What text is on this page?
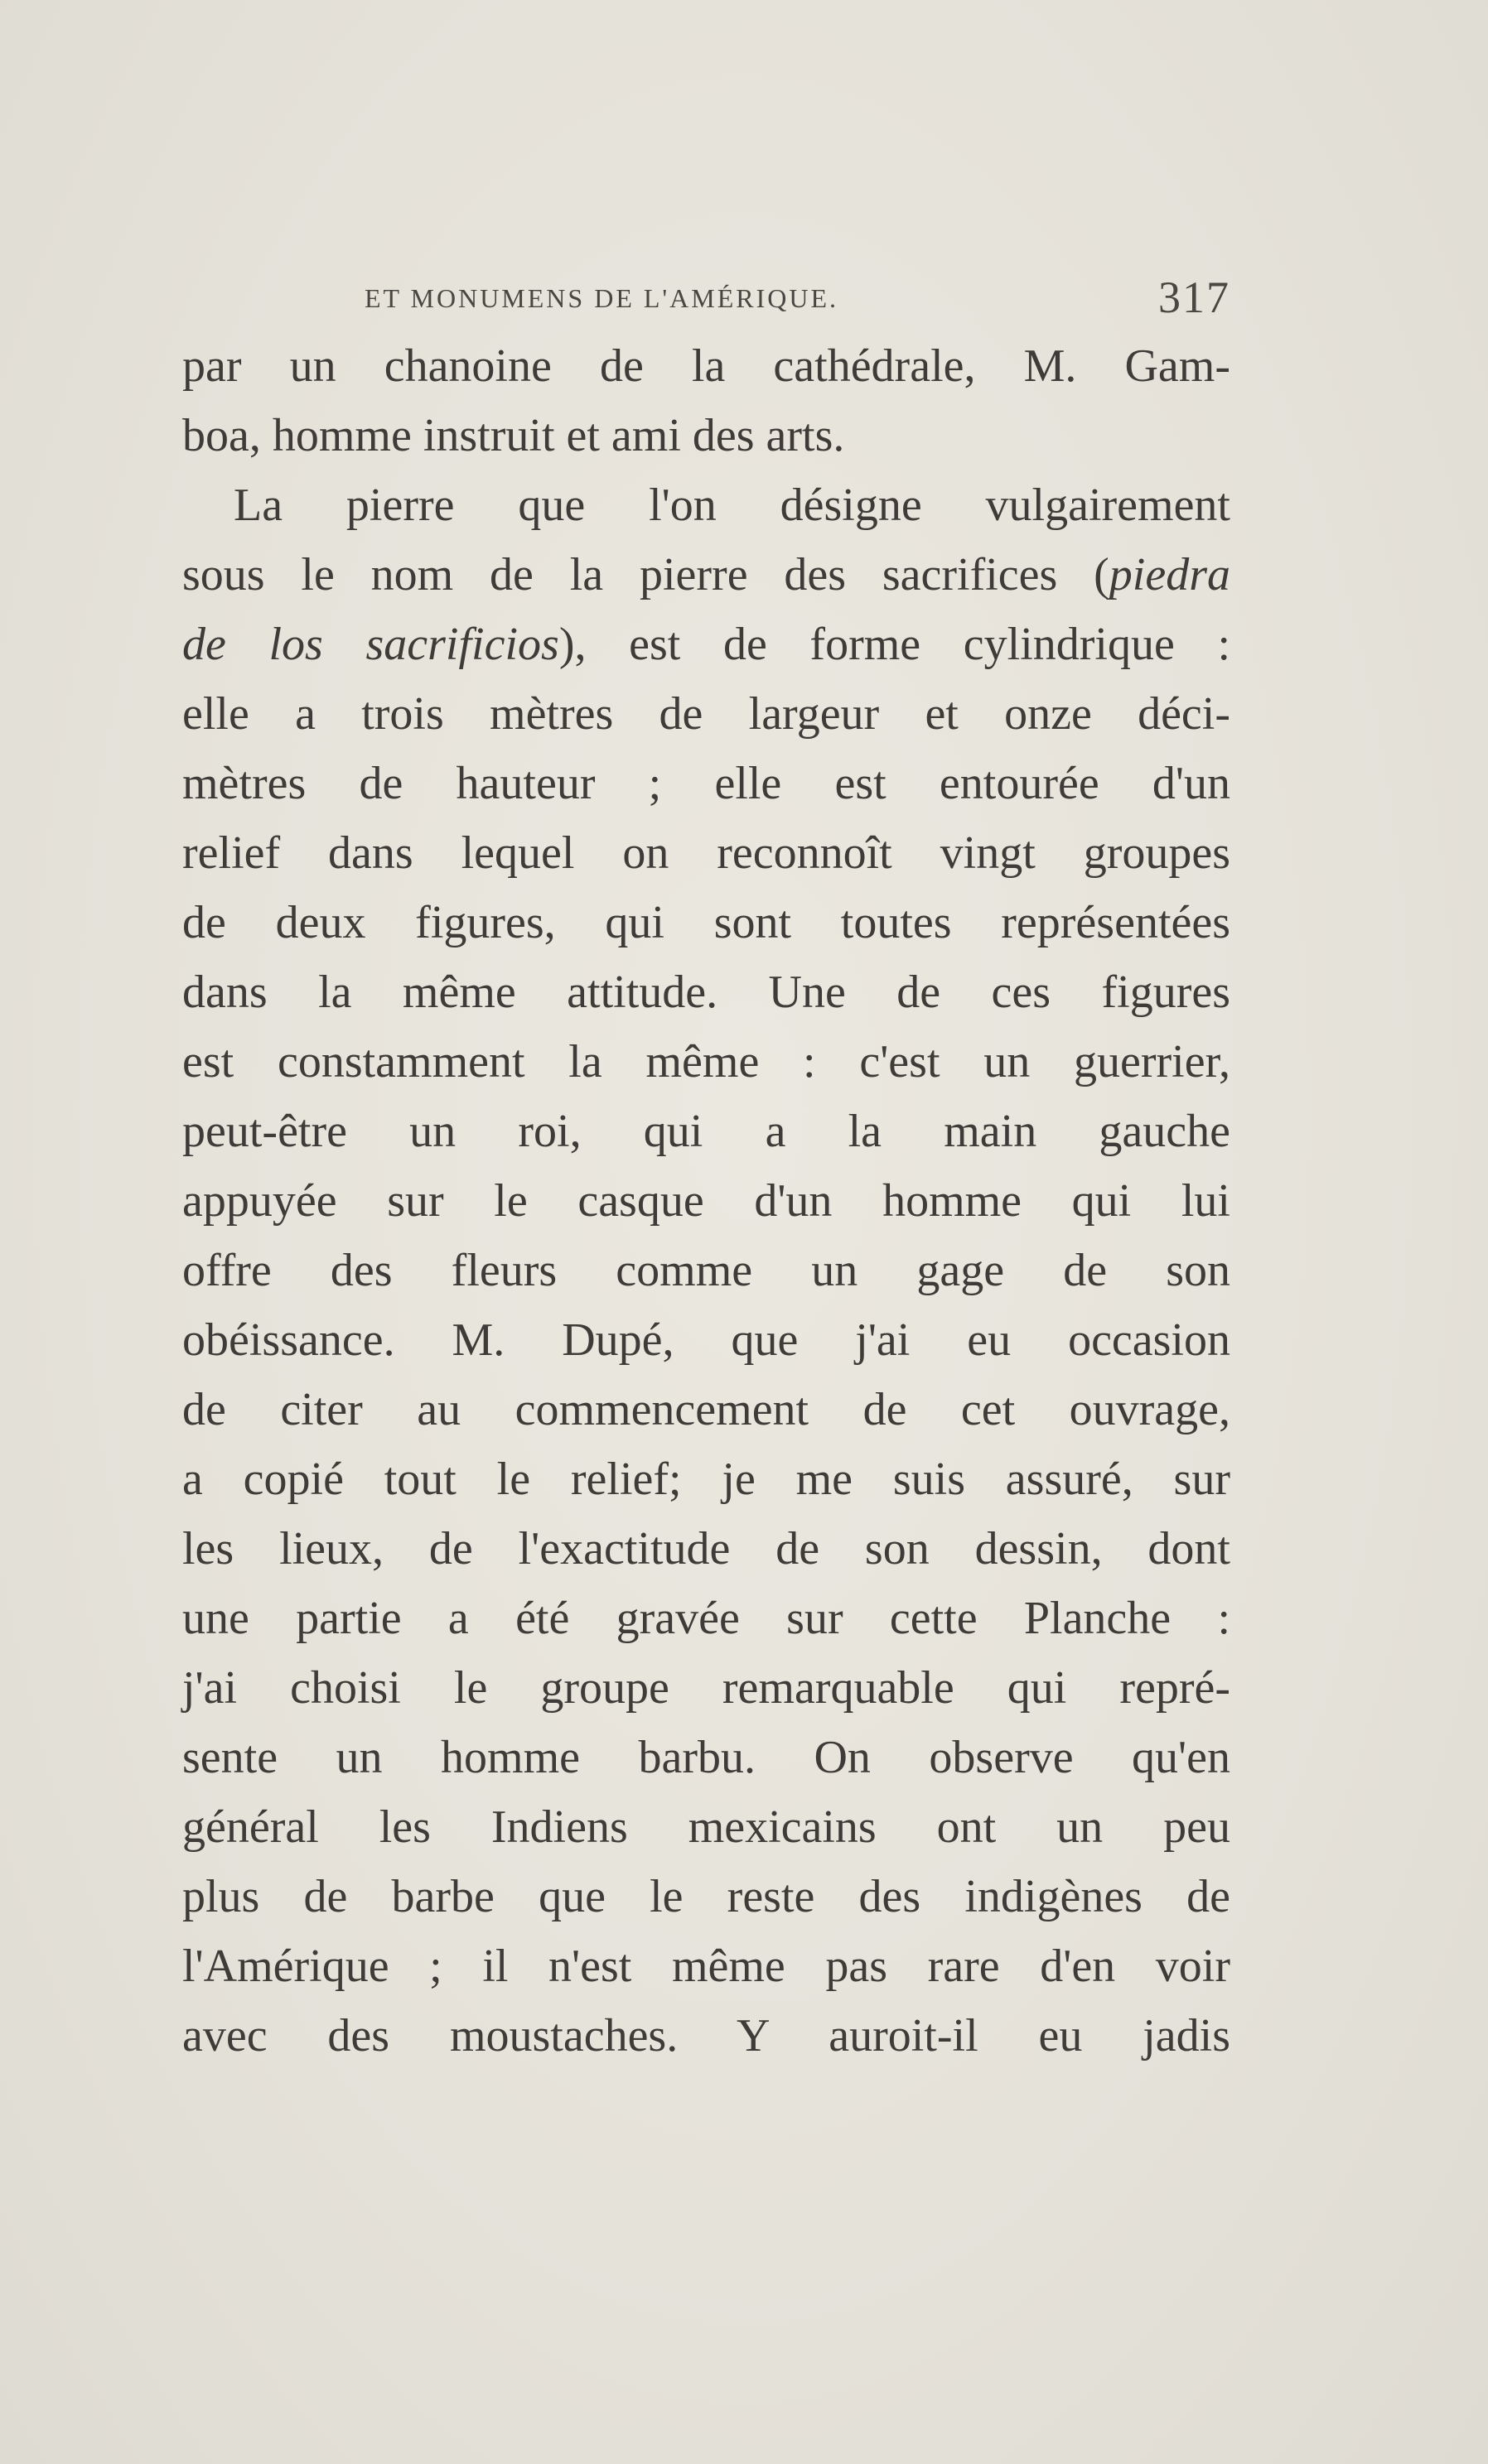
ET MONUMENS DE L'AMÉRIQUE.	317
par un chanoine de la cathédrale, M. Gam-
boa, homme instruit et ami des arts.
La pierre que l'on désigne vulgairement
sous le nom de la pierre des sacrifices (piedra
de los sacrificios), est de forme cylindrique :
elle a trois mètres de largeur et onze déci-
mètres de hauteur ; elle est entourée d'un
relief dans lequel on reconnoît vingt groupes
de deux figures, qui sont toutes représentées
dans la même attitude. Une de ces figures
est constamment la même : c'est un guerrier,
peut-être un roi, qui a la main gauche
appuyée sur le casque d'un homme qui lui
offre des fleurs comme un gage de son
obéissance. M. Dupé, que j'ai eu occasion
de citer au commencement de cet ouvrage,
a copié tout le relief; je me suis assuré, sur
les lieux, de l'exactitude de son dessin, dont
une partie a été gravée sur cette Planche :
j'ai choisi le groupe remarquable qui repré-
sente un homme barbu. On observe qu'en
général les Indiens mexicains ont un peu
plus de barbe que le reste des indigènes de
l'Amérique ; il n'est même pas rare d'en voir
avec des moustaches. Y auroit-il eu jadis
